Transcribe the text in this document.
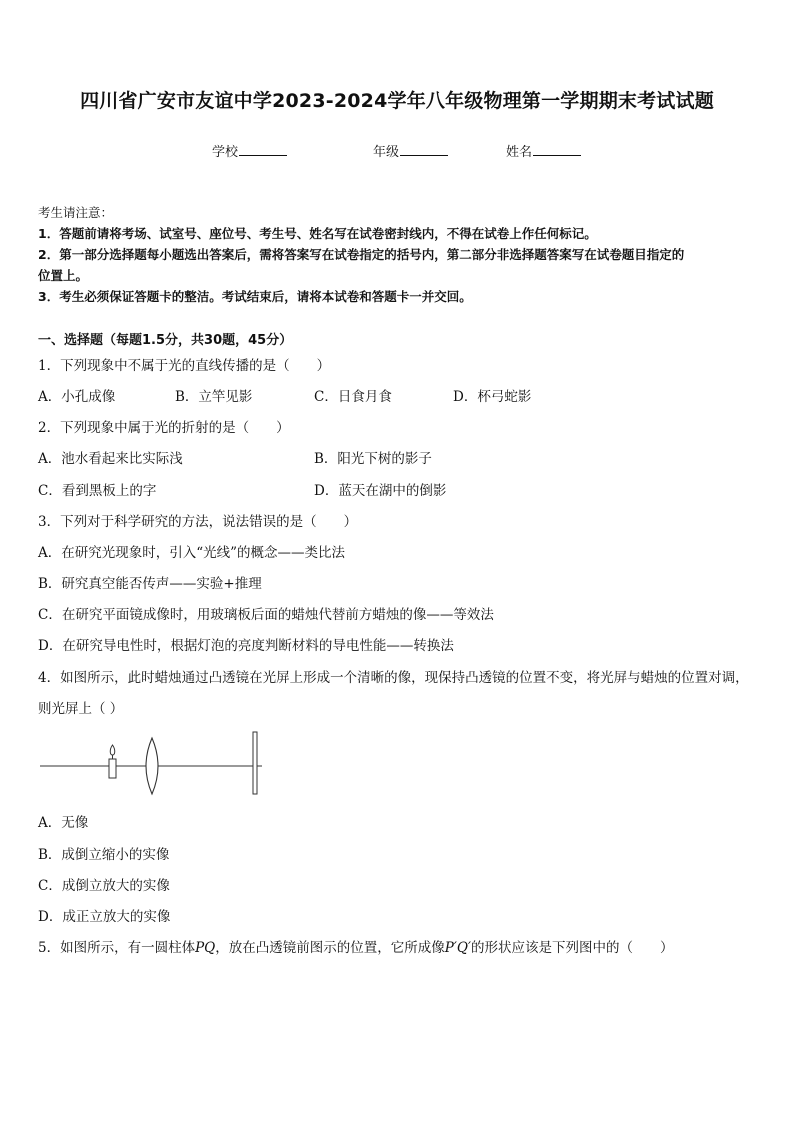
四川省广安市友谊中学2023-2024学年八年级物理第一学期期末考试试题
学校	年级	姓名
考生请注意：
1．答题前请将考场、试室号、座位号、考生号、姓名写在试卷密封线内，不得在试卷上作任何标记。
2．第一部分选择题每小题选出答案后，需将答案写在试卷指定的括号内，第二部分非选择题答案写在试卷题目指定的
位置上。
3．考生必须保证答题卡的整洁。考试结束后，请将本试卷和答题卡一并交回。
一、选择题（每题1.5分，共30题，45分）
1．下列现象中不属于光的直线传播的是（　　）
A．小孔成像	B．立竿见影	C．日食月食	D．杯弓蛇影
2．下列现象中属于光的折射的是（　　）
A．池水看起来比实际浅	B．阳光下树的影子
C．看到黑板上的字	D．蓝天在湖中的倒影
3．下列对于科学研究的方法，说法错误的是（　　）
A．在研究光现象时，引入“光线”的概念——类比法
B．研究真空能否传声——实验+推理
C．在研究平面镜成像时，用玻璃板后面的蜡烛代替前方蜡烛的像——等效法
D．在研究导电性时，根据灯泡的亮度判断材料的导电性能——转换法
4．如图所示，此时蜡烛通过凸透镜在光屏上形成一个清晰的像，现保持凸透镜的位置不变，将光屏与蜡烛的位置对调，
则光屏上（ ）
A．无像
B．成倒立缩小的实像
C．成倒立放大的实像
D．成正立放大的实像
5．如图所示，有一圆柱体PQ，放在凸透镜前图示的位置，它所成像P′Q′的形状应该是下列图中的（　　）
